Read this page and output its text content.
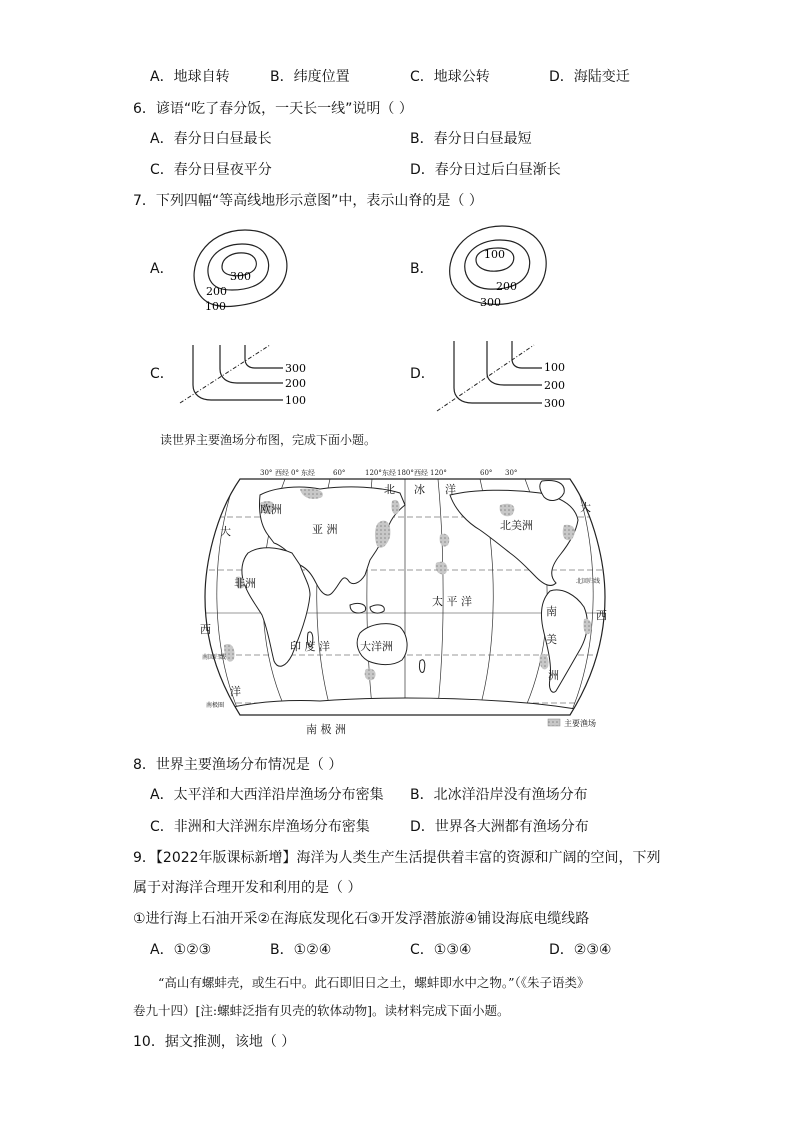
A．地球自转	B．纬度位置	C．地球公转	D．海陆变迁
6．谚语“吃了春分饭，一天长一线”说明（ ）
A．春分日白昼最长	B．春分日白昼最短
C．春分日昼夜平分	D．春分日过后白昼渐长
7．下列四幅“等高线地形示意图”中，表示山脊的是（ ）
A．	300
200
100
B．
100
200
300
C．	300
200
100
D．	100
200
300
读世界主要渔场分布图，完成下面小题。
30° 西经 0° 东经	60°	120° 东经 180° 西经 120°	60° 30°
北 冰 洋
欧洲
亚 洲	北美洲
非洲
太 平 洋
印 度 洋	大洋洲
南
美
洲
南 极 洲
大
西
洋
大
西
北回归线
南回归线
南极圈
主要渔场
8．世界主要渔场分布情况是（ ）
A．太平洋和大西洋沿岸渔场分布密集 B．北冰洋沿岸没有渔场分布
C．非洲和大洋洲东岸渔场分布密集	D．世界各大洲都有渔场分布
9．【2022年版课标新增】海洋为人类生产生活提供着丰富的资源和广阔的空间，下列
属于对海洋合理开发和利用的是（ ）
①进行海上石油开采②在海底发现化石③开发浮潜旅游④铺设海底电缆线路
A．①②③	B．①②④	C．①③④	D．②③④
“高山有螺蚌壳，或生石中。此石即旧日之土，螺蚌即水中之物。”（《朱子语类》
卷九十四）[注:螺蚌泛指有贝壳的软体动物]。读材料完成下面小题。
10．据文推测，该地（ ）
